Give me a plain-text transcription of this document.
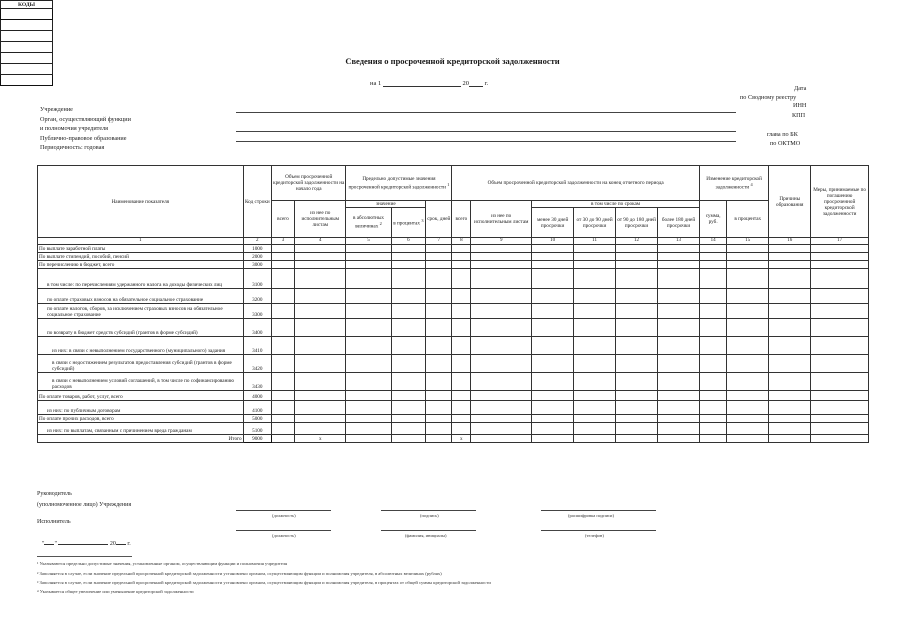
Сведения о просроченной кредиторской задолженности
на 1	20 г.
Учреждение
Орган, осуществляющий функции
и полномочия учредителя
Публично-правовое образование
Периодичность: годовая
Дата
по Сводному реестру
ИНН
КПП
глава по БК
по ОКТМО
КОДЫ

Наименование показателя	Код строки	Объем просроченной кредиторской задолженности на начало года		Предельно допустимые значения просроченной кредиторской задолженности $^1$			Объем просроченной кредиторской задолженности на конец отчетного периода						Изменение кредиторской задолженности $^4$		Причины образования	Меры, принимаемые по погашению просроченной кредиторской задолженности
		всего	из нее по исполнительным листам	значение		срок, дней	всего	из нее по исполнительным листам	в том числе по срокам				сумма, руб.	в процентах		
				в абсолютных величинах $^2$	в процентах $^3$				менее 30 дней просрочки	от 30 до 90 дней просрочки	от 90 до 180 дней просрочки	более 180 дней просрочки				

1	2	3	4	5	6	7	8	9	10	11	12	13	14	15	16	17
По выплате заработной платы	1000															
По выплате стипендий, пособий, пенсий	2000															
По перечислению в бюджет, всего	3000															
в том числе: по перечислениям удержанного налога на доходы физических лиц	3100															
по оплате страховых взносов на обязательное социальное страхование	3200															
по оплате налогов, сборов, за исключением страховых взносов на обязательное социальное страхование	3300															
по возврату в бюджет средств субсидий (грантов в форме субсидий)	3400															
из них: в связи с невыполнением государственного (муниципального) задания	3410															
в связи с недостижением результатов предоставления субсидий (грантов в форме субсидий)	3420															
в связи с невыполнением условий соглашений, в том числе по софинансированию расходов	3430															
По оплате товаров, работ, услуг, всего	4000															
из них: по публичным договорам	4100															
По оплате прочих расходов, всего	5000															
из них: по выплатам, связанным с причинением вреда гражданам	5100															
Итого	9000		x				x									
Руководитель
(уполномоченное лицо) Учреждения
(должность)	(подпись)	(расшифровка подписи)
Исполнитель
(должность)	(фамилия, инициалы)	(телефон)
" "	20 г.
¹ Указываются предельно допустимые значения, установленные органом, осуществляющим функции и полномочия учредителя
² Заполняется в случае, если значение предельной просроченной кредиторской задолженности установлено органом, осуществляющим функции и полномочия учредителя, в абсолютных величинах (рублях)
³ Заполняется в случае, если значение предельной просроченной кредиторской задолженности установлено органом, осуществляющим функции и полномочия учредителя, в процентах от общей суммы кредиторской задолженности
⁴ Указывается общее увеличение или уменьшение кредиторской задолженности
